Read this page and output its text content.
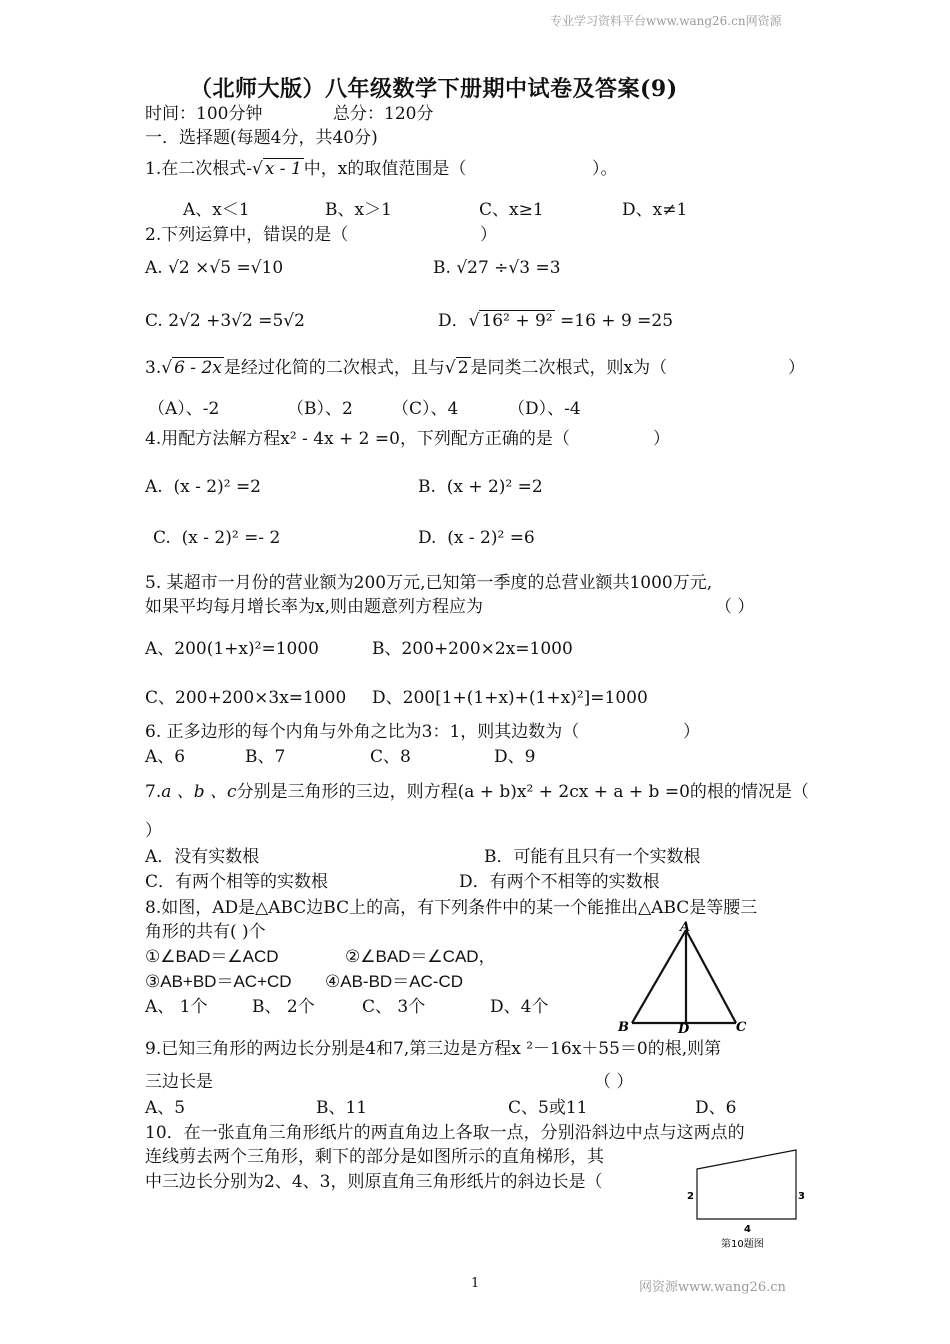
专业学习资料平台www.wang26.cn网资源
（北师大版）八年级数学下册期中试卷及答案(9)
时间：100分钟	总分：120分
一．选择题(每题4分，共40分)
1.在二次根式-√ x - 1 中，x的取值范围是（	）。
A、x＜1	B、x＞1	C、x≥1	D、x≠1
2.下列运算中，错误的是（	）
A. √2 ×√5 =√10	B. √27 ÷√3 =3
C. 2√2 +3√2 =5√2	D．√ 16² + 9² =16 + 9 =25
3.√ 6 - 2x 是经过化简的二次根式，且与√ 2 是同类二次根式，则x为（	）
（A）、-2	（B）、2 （C）、4	（D）、-4
4.用配方法解方程x² - 4x + 2 =0，下列配方正确的是（	）
A. (x - 2)² =2	B. (x + 2)² =2
C. (x - 2)² =- 2	D. (x - 2)² =6
5. 某超市一月份的营业额为200万元,已知第一季度的总营业额共1000万元,
如果平均每月增长率为x,则由题意列方程应为	（ ）
A、200(1+x)²=1000	B、200+200×2x=1000
C、200+200×3x=1000 D、200[1+(1+x)+(1+x)²]=1000
6. 正多边形的每个内角与外角之比为3：1，则其边数为（	）
A、6	B、7	C、8	D、9
7.a 、b 、c分别是三角形的三边，则方程(a + b)x² + 2cx + a + b =0的根的情况是（
）
A．没有实数根	B．可能有且只有一个实数根
C．有两个相等的实数根	D．有两个不相等的实数根
8.如图，AD是△ABC边BC上的高，有下列条件中的某一个能推出△ABC是等腰三
角形的共有( )个
①∠BAD＝∠ACD	②∠BAD＝∠CAD，
③AB+BD＝AC+CD ④AB-BD＝AC-CD
A、 1个	B、 2个	C、 3个	D、4个
A
B	D	C
9.已知三角形的两边长分别是4和7,第三边是方程x ²－16x＋55＝0的根,则第
三边长是	（ ）
A、5	B、11	C、5或11	D、6
10．在一张直角三角形纸片的两直角边上各取一点，分别沿斜边中点与这两点的
连线剪去两个三角形，剩下的部分是如图所示的直角梯形，其
中三边长分别为2、4、3，则原直角三角形纸片的斜边长是（
2	3
4
第10题图
1	网资源www.wang26.cn
